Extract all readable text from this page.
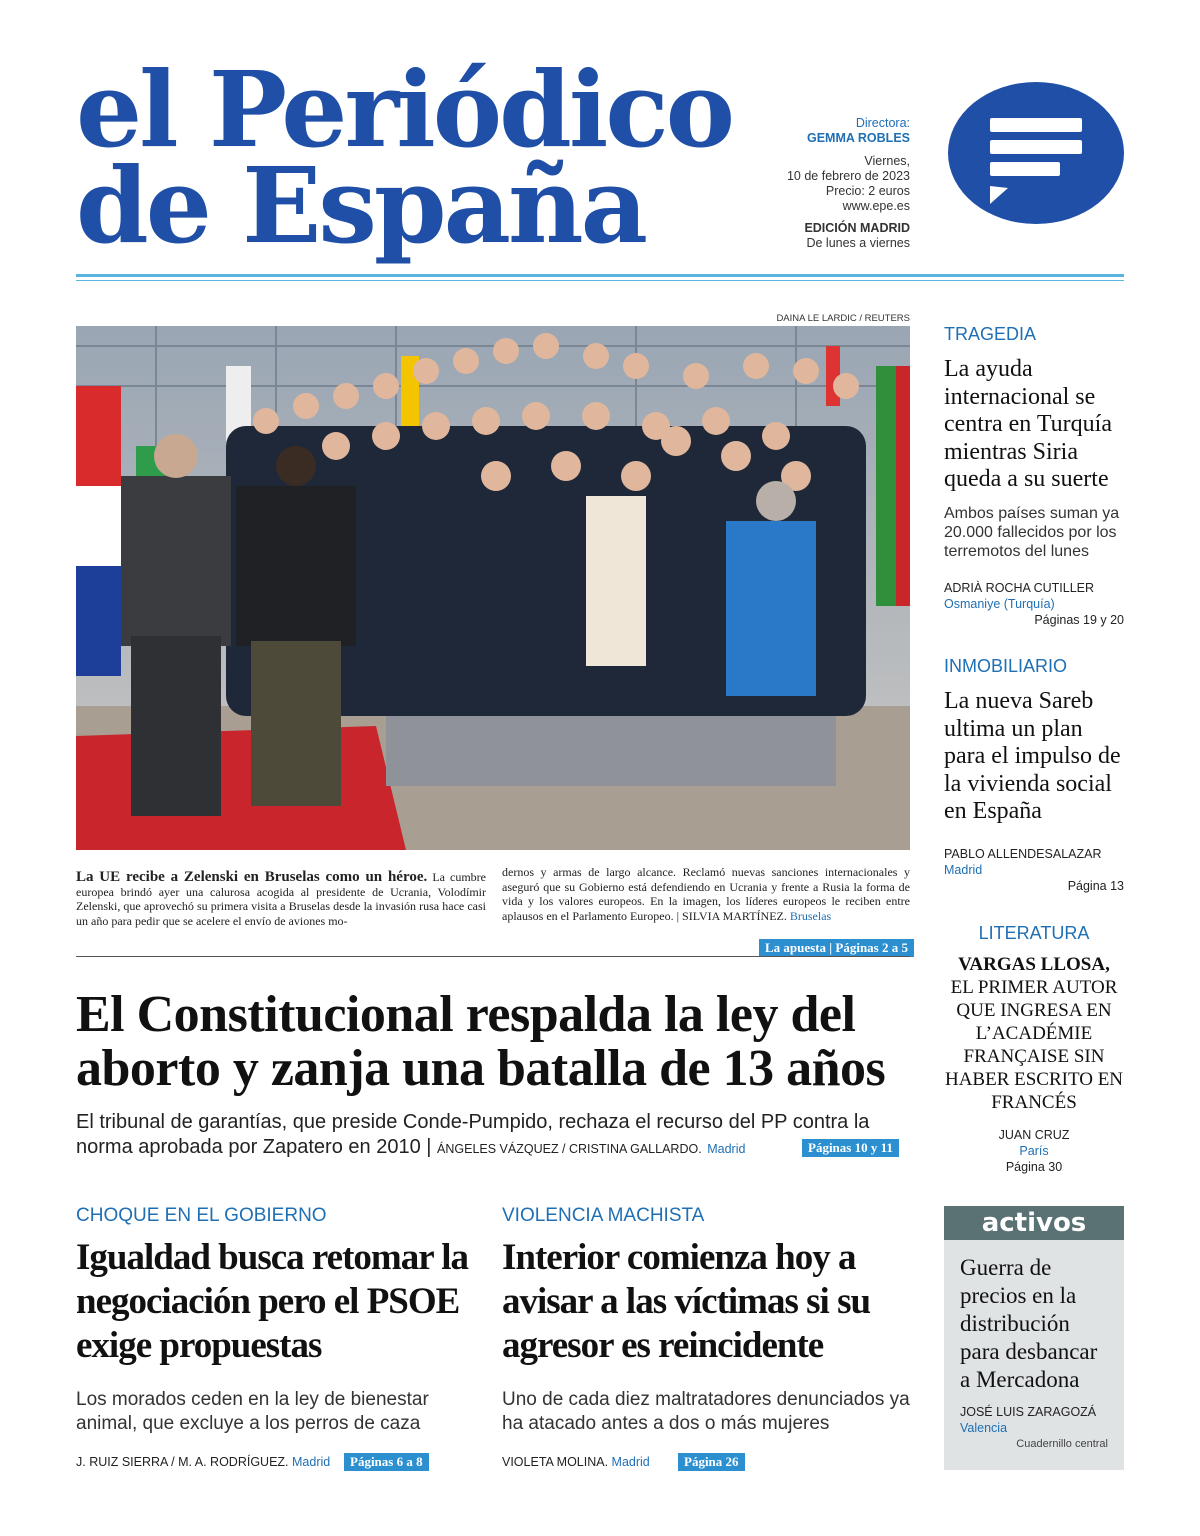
el Periódico
de España
Directora:
GEMMA ROBLES
Viernes,
10 de febrero de 2023
Precio: 2 euros
www.epe.es
EDICIÓN MADRID
De lunes a viernes
DAINA LE LARDIC / REUTERS
La UE recibe a Zelenski en Bruselas como un héroe. La cumbre europea brindó ayer una calurosa acogida al presidente de Ucrania, Volodímir Zelenski, que aprovechó su primera visita a Bruselas desde la invasión rusa hace casi un año para pedir que se acelere el envío de aviones mo-
dernos y armas de largo alcance. Reclamó nuevas sanciones internacionales y aseguró que su Gobierno está defendiendo en Ucrania y frente a Rusia la forma de vida y los valores europeos. En la imagen, los líderes europeos le reciben entre aplausos en el Parlamento Europeo. | SILVIA MARTÍNEZ. Bruselas
La apuesta | Páginas 2 a 5
El Constitucional respalda la ley del aborto y zanja una batalla de 13 años
El tribunal de garantías, que preside Conde-Pumpido, rechaza el recurso del PP contra la norma aprobada por Zapatero en 2010 | ÁNGELES VÁZQUEZ / CRISTINA GALLARDO. Madrid	Páginas 10 y 11
CHOQUE EN EL GOBIERNO
Igualdad busca retomar la negociación pero el PSOE exige propuestas
Los morados ceden en la ley de bienestar animal, que excluye a los perros de caza
J. RUIZ SIERRA / M. A. RODRÍGUEZ. Madrid	Páginas 6 a 8
VIOLENCIA MACHISTA
Interior comienza hoy a avisar a las víctimas si su agresor es reincidente
Uno de cada diez maltratadores denunciados ya ha atacado antes a dos o más mujeres
VIOLETA MOLINA. Madrid	Página 26
TRAGEDIA
La ayuda internacional se centra en Turquía mientras Siria queda a su suerte
Ambos países suman ya 20.000 fallecidos por los terremotos del lunes
ADRIÀ ROCHA CUTILLER
Osmaniye (Turquía)
Páginas 19 y 20
INMOBILIARIO
La nueva Sareb ultima un plan para el impulso de la vivienda social en España
PABLO ALLENDESALAZAR
Madrid
Página 13
LITERATURA
VARGAS LLOSA,
EL PRIMER AUTOR QUE INGRESA EN L’ACADÉMIE FRANÇAISE SIN HABER ESCRITO EN FRANCÉS
JUAN CRUZ
París
Página 30
activos
Guerra de precios en la distribución para desbancar a Mercadona
JOSÉ LUIS ZARAGOZÁ
Valencia
Cuadernillo central
